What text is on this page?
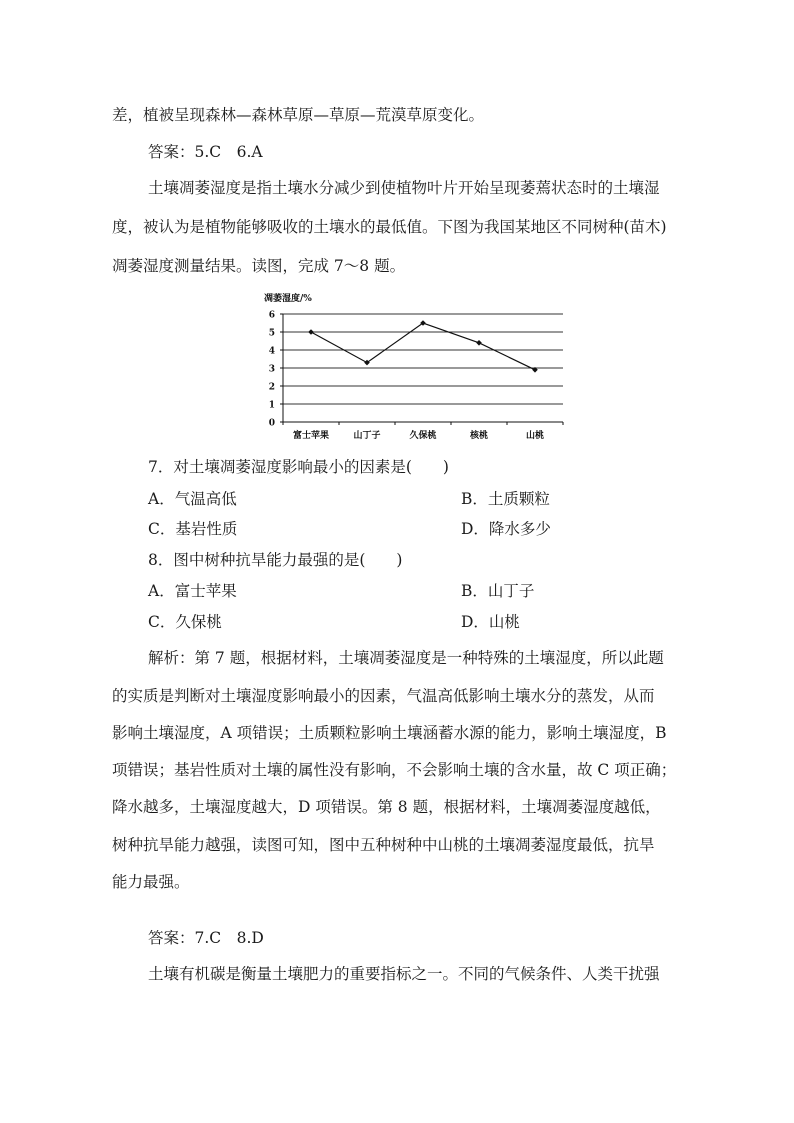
差，植被呈现森林—森林草原—草原—荒漠草原变化。
答案：5.C　6.A
土壤凋萎湿度是指土壤水分减少到使植物叶片开始呈现萎蔫状态时的土壤湿
度，被认为是植物能够吸收的土壤水的最低值。下图为我国某地区不同树种(苗木)
凋萎湿度测量结果。读图，完成 7～8 题。
凋萎湿度/%
0
1
2
3
4
5
6
富士苹果	山丁子	久保桃	核桃	山桃
7．对土壤凋萎湿度影响最小的因素是(　　)
A．气温高低	B．土质颗粒
C．基岩性质	D．降水多少
8．图中树种抗旱能力最强的是(　　)
A．富士苹果	B．山丁子
C．久保桃	D．山桃
解析：第 7 题，根据材料，土壤凋萎湿度是一种特殊的土壤湿度，所以此题
的实质是判断对土壤湿度影响最小的因素，气温高低影响土壤水分的蒸发，从而
影响土壤湿度，A 项错误；土质颗粒影响土壤涵蓄水源的能力，影响土壤湿度，B
项错误；基岩性质对土壤的属性没有影响，不会影响土壤的含水量，故 C 项正确；
降水越多，土壤湿度越大，D 项错误。第 8 题，根据材料，土壤凋萎湿度越低，
树种抗旱能力越强，读图可知，图中五种树种中山桃的土壤凋萎湿度最低，抗旱
能力最强。
答案：7.C　8.D
土壤有机碳是衡量土壤肥力的重要指标之一。不同的气候条件、人类干扰强
